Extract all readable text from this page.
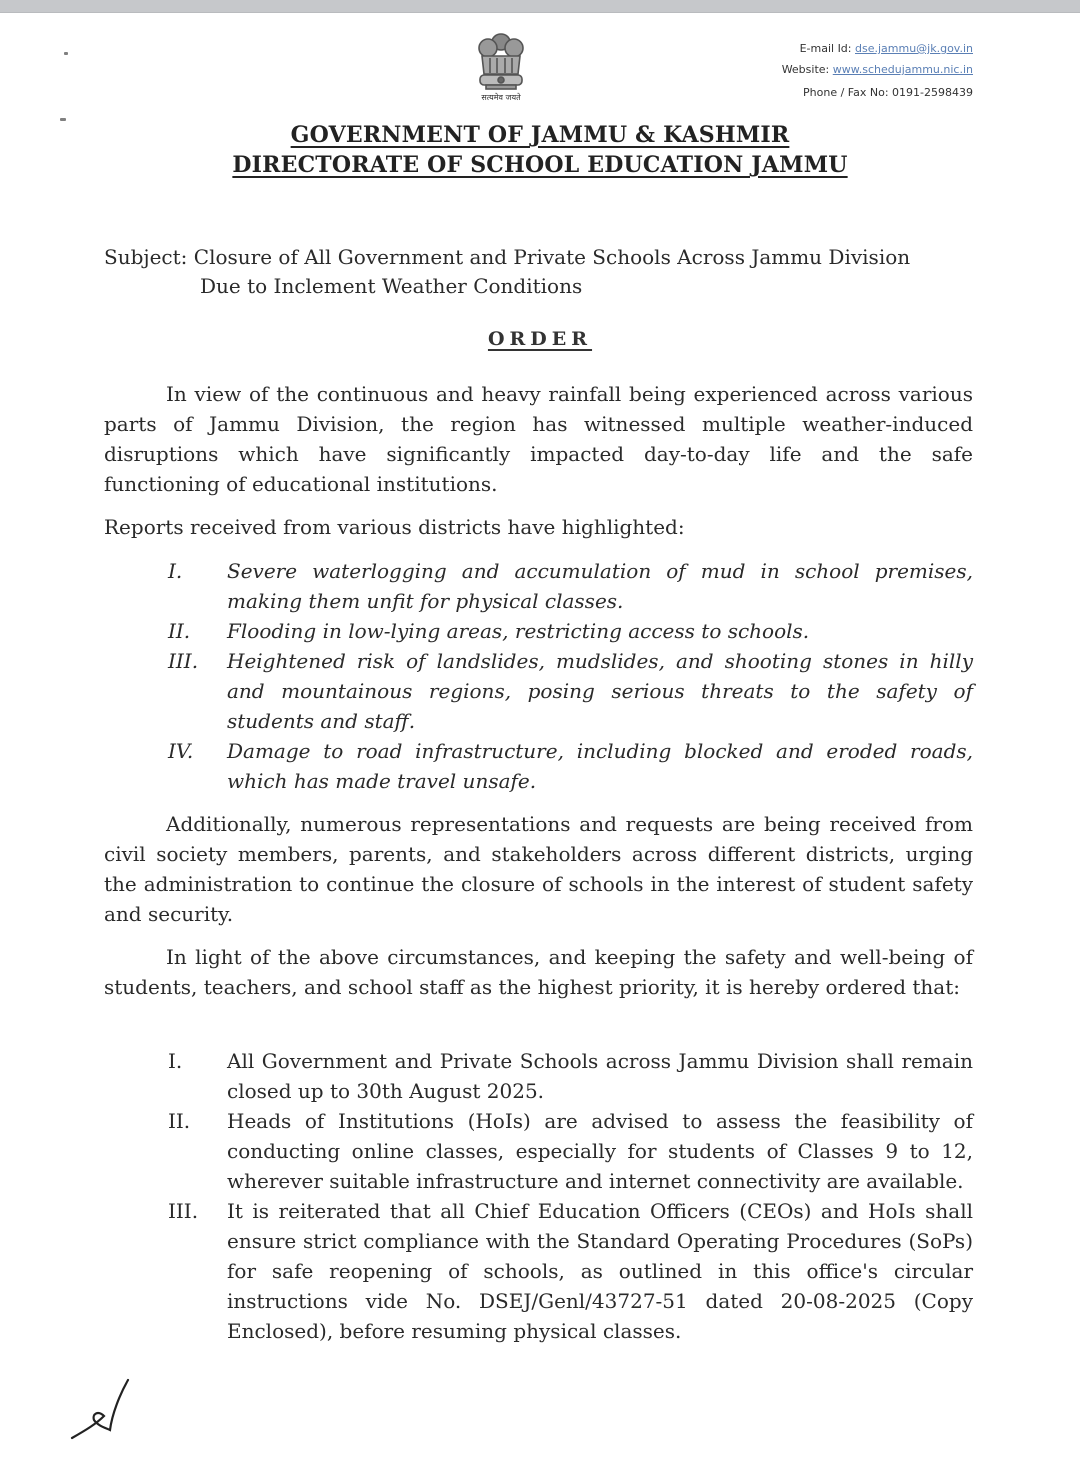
सत्यमेव जयते
E-mail Id: dse.jammu@jk.gov.in
Website: www.schedujammu.nic.in
Phone / Fax No: 0191-2598439
GOVERNMENT OF JAMMU & KASHMIR
DIRECTORATE OF SCHOOL EDUCATION JAMMU
Subject: Closure of All Government and Private Schools Across Jammu Division
Due to Inclement Weather Conditions
ORDER
In view of the continuous and heavy rainfall being experienced across various parts of Jammu Division, the region has witnessed multiple weather-induced disruptions which have significantly impacted day-to-day life and the safe functioning of educational institutions.
Reports received from various districts have highlighted:
I.	Severe waterlogging and accumulation of mud in school premises, making them unfit for physical classes.
II.	Flooding in low-lying areas, restricting access to schools.
III.	Heightened risk of landslides, mudslides, and shooting stones in hilly and mountainous regions, posing serious threats to the safety of students and staff.
IV.	Damage to road infrastructure, including blocked and eroded roads, which has made travel unsafe.
Additionally, numerous representations and requests are being received from civil society members, parents, and stakeholders across different districts, urging the administration to continue the closure of schools in the interest of student safety and security.
In light of the above circumstances, and keeping the safety and well-being of students, teachers, and school staff as the highest priority, it is hereby ordered that:
I.	All Government and Private Schools across Jammu Division shall remain closed up to 30th August 2025.
II.	Heads of Institutions (HoIs) are advised to assess the feasibility of conducting online classes, especially for students of Classes 9 to 12, wherever suitable infrastructure and internet connectivity are available.
III.	It is reiterated that all Chief Education Officers (CEOs) and HoIs shall ensure strict compliance with the Standard Operating Procedures (SoPs) for safe reopening of schools, as outlined in this office's circular instructions vide No. DSEJ/Genl/43727-51 dated 20-08-2025 (Copy Enclosed), before resuming physical classes.
